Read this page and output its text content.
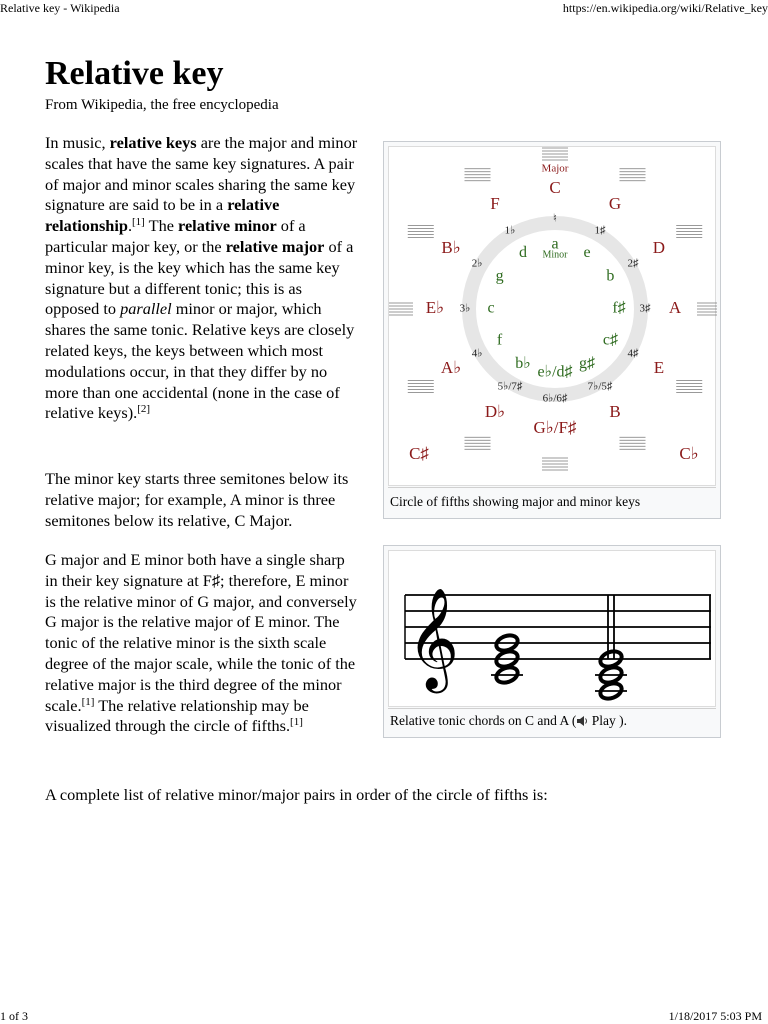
Relative key - Wikipedia	https://en.wikipedia.org/wiki/Relative_key
Relative key
From Wikipedia, the free encyclopedia

In music, relative keys are the major and minor scales that have the same key signatures. A pair of major and minor scales sharing the same key signature are said to be in a relative relationship.[1] The relative minor of a particular major key, or the relative major of a minor key, is the key which has the same key signature but a different tonic; this is as opposed to parallel minor or major, which shares the same tonic. Relative keys are closely related keys, the keys between which most modulations occur, in that they differ by no more than one accidental (none in the case of relative keys).[2]

The minor key starts three semitones below its relative major; for example, A minor is three semitones below its relative, C Major.

G major and E minor both have a single sharp in their key signature at F♯; therefore, E minor is the relative minor of G major, and conversely G major is the relative major of E minor. The tonic of the relative minor is the sixth scale degree of the major scale, while the tonic of the relative major is the third degree of the minor scale.[1] The relative relationship may be visualized through the circle of fifths.[1]

A complete list of relative minor/major pairs in order of the circle of fifths is:
Major
Minor
C
a
♮
G
e
1♯
D
b
2♯
A
f♯ 3♯
E
c♯
4♯
B
g♯
7♭/5♯
G♭/F♯
e♭/d♯
6♭/6♯
D♭
b♭
5♭/7♯
A♭
f
4♭
E♭	c
3♭
B♭
g
2♭
F
d
1♭
C♯	C♭
Circle of fifths showing major and minor keys
𝄞
Relative tonic chords on C and A ( Play ).
1 of 3	1/18/2017 5:03 PM
